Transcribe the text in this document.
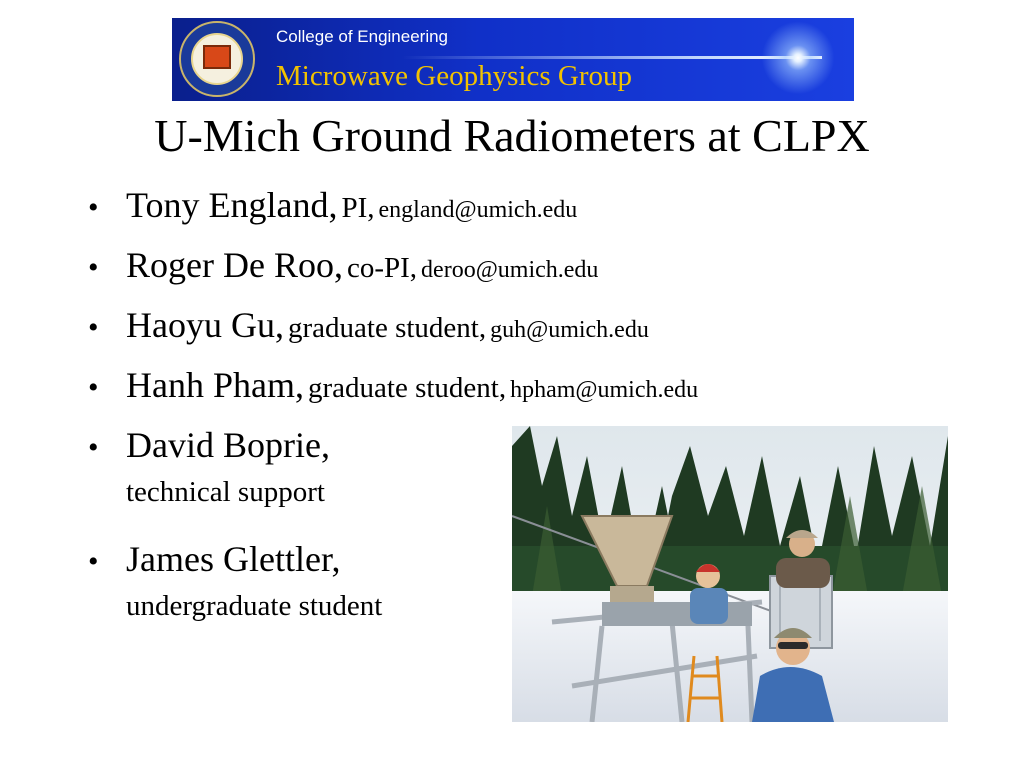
College of Engineering
Microwave Geophysics Group
U-Mich Ground Radiometers at CLPX
• Tony England, PI, england@umich.edu
• Roger De Roo, co-PI, deroo@umich.edu
• Haoyu Gu, graduate student, guh@umich.edu
• Hanh Pham, graduate student, hpham@umich.edu
• David Boprie,
technical support
• James Glettler,
undergraduate student
